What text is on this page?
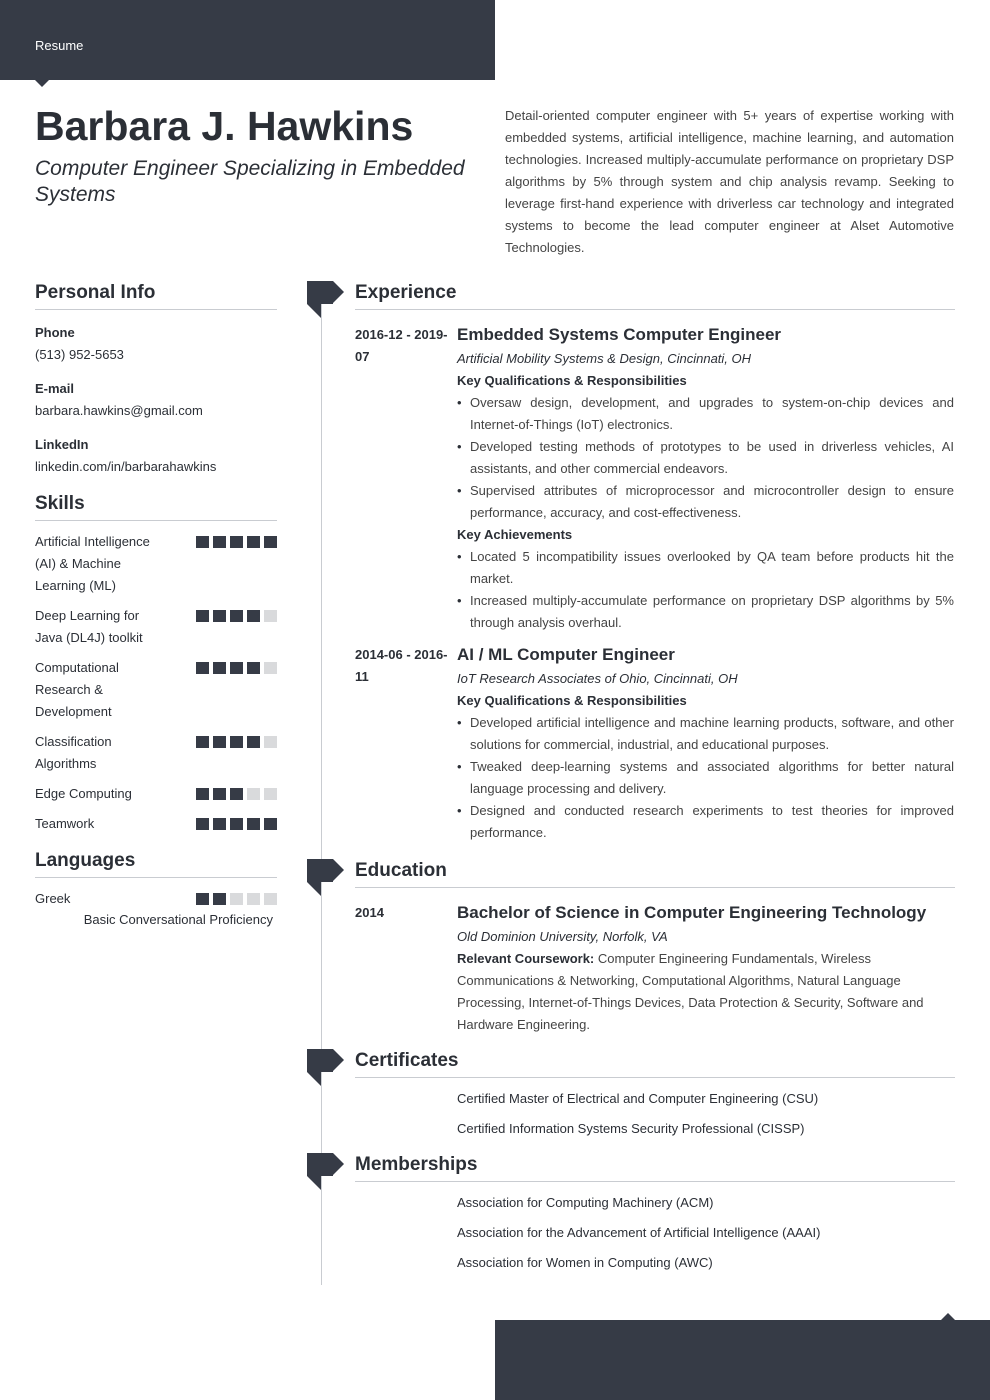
Resume
Barbara J. Hawkins
Computer Engineer Specializing in Embedded Systems
Detail-oriented computer engineer with 5+ years of expertise working with embedded systems, artificial intelligence, machine learning, and automation technologies. Increased multiply-accumulate performance on proprietary DSP algorithms by 5% through system and chip analysis revamp. Seeking to leverage first-hand experience with driverless car technology and integrated systems to become the lead computer engineer at Alset Automotive Technologies.
Personal Info
Phone
(513) 952-5653
E-mail
barbara.hawkins@gmail.com
LinkedIn
linkedin.com/in/barbarahawkins
Skills
Artificial Intelligence (AI) & Machine Learning (ML)
Deep Learning for Java (DL4J) toolkit
Computational Research & Development
Classification Algorithms
Edge Computing
Teamwork
Languages
Greek
Basic Conversational Proficiency
Experience
2016-12 - 2019-07
Embedded Systems Computer Engineer
Artificial Mobility Systems & Design, Cincinnati, OH
Key Qualifications & Responsibilities
• Oversaw design, development, and upgrades to system-on-chip devices and Internet-of-Things (IoT) electronics.
• Developed testing methods of prototypes to be used in driverless vehicles, AI assistants, and other commercial endeavors.
• Supervised attributes of microprocessor and microcontroller design to ensure performance, accuracy, and cost-effectiveness.
Key Achievements
• Located 5 incompatibility issues overlooked by QA team before products hit the market.
• Increased multiply-accumulate performance on proprietary DSP algorithms by 5% through analysis overhaul.
2014-06 - 2016-11
AI / ML Computer Engineer
IoT Research Associates of Ohio, Cincinnati, OH
Key Qualifications & Responsibilities
• Developed artificial intelligence and machine learning products, software, and other solutions for commercial, industrial, and educational purposes.
• Tweaked deep-learning systems and associated algorithms for better natural language processing and delivery.
• Designed and conducted research experiments to test theories for improved performance.
Education
2014	Bachelor of Science in Computer Engineering Technology
Old Dominion University, Norfolk, VA
Relevant Coursework: Computer Engineering Fundamentals, Wireless Communications & Networking, Computational Algorithms, Natural Language Processing, Internet-of-Things Devices, Data Protection & Security, Software and Hardware Engineering.
Certificates
Certified Master of Electrical and Computer Engineering (CSU)
Certified Information Systems Security Professional (CISSP)
Memberships
Association for Computing Machinery (ACM)
Association for the Advancement of Artificial Intelligence (AAAI)
Association for Women in Computing (AWC)
